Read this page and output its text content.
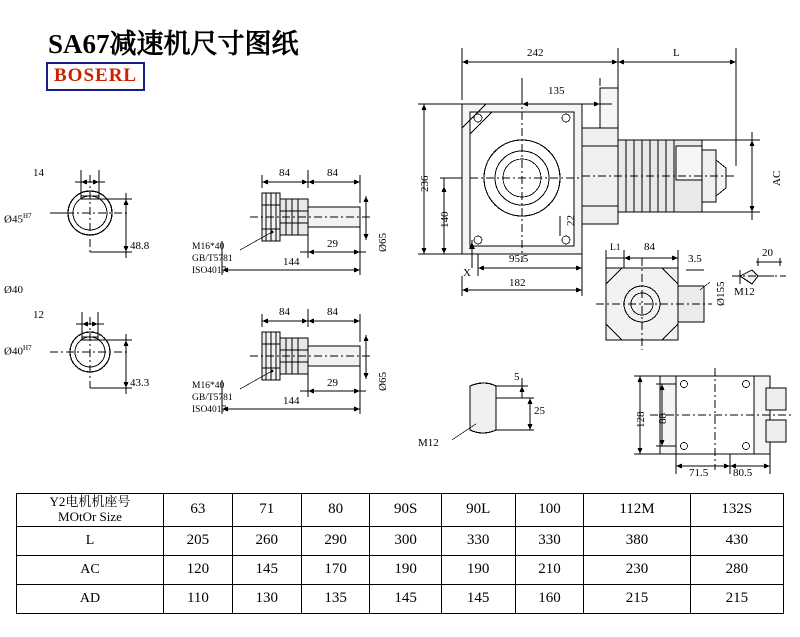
SA67减速机尺寸图纸
BOSERL
14
$Ø45^{H7}$
48.8
Ø40
12
$Ø40^{H7}$
43.3
84	84
29
144
Ø65
M16*40
GB/T5781
ISO4017
84	84
29
144
Ø65
M16*40
GB/T5781
ISO4017
242
135
L
236
140	22
95.5
182
X
AC
L1 84
3.5
Ø155
20
M12
5
25
M12
128 88
71.5 80.5
Y2电机机座号
MOtOr Size	63	71	80	90S	90L	100	112M	132S
L	205	260	290	300	330	330	380	430
AC	120	145	170	190	190	210	230	280
AD	110	130	135	145	145	160	215	215
